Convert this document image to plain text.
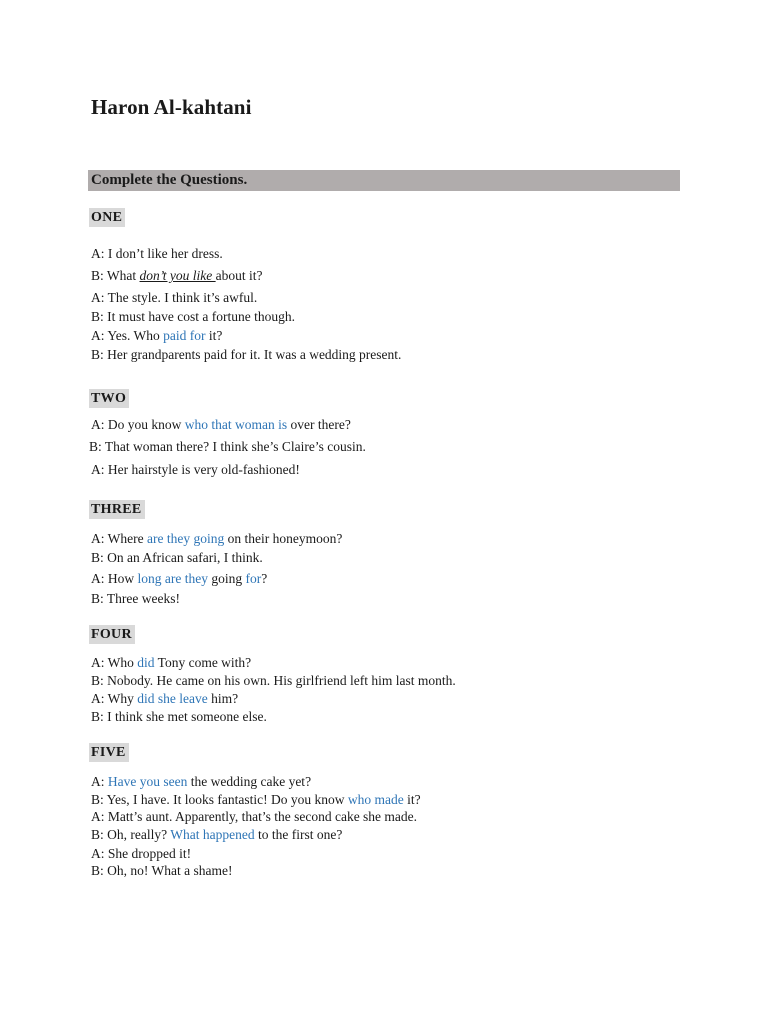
Haron Al-kahtani
Complete the Questions.
ONE
A: I don’t like her dress.
B: What don’t you like about it?
A: The style. I think it’s awful.
B: It must have cost a fortune though.
A: Yes. Who paid for it?
B: Her grandparents paid for it. It was a wedding present.
TWO
A: Do you know who that woman is over there?
B: That woman there? I think she’s Claire’s cousin.
A: Her hairstyle is very old-fashioned!
THREE
A: Where are they going on their honeymoon?
B: On an African safari, I think.
A: How long are they going for?
B: Three weeks!
FOUR
A: Who did Tony come with?
B: Nobody. He came on his own. His girlfriend left him last month.
A: Why did she leave him?
B: I think she met someone else.
FIVE
A: Have you seen the wedding cake yet?
B: Yes, I have. It looks fantastic! Do you know who made it?
A: Matt’s aunt. Apparently, that’s the second cake she made.
B: Oh, really? What happened to the first one?
A: She dropped it!
B: Oh, no! What a shame!
